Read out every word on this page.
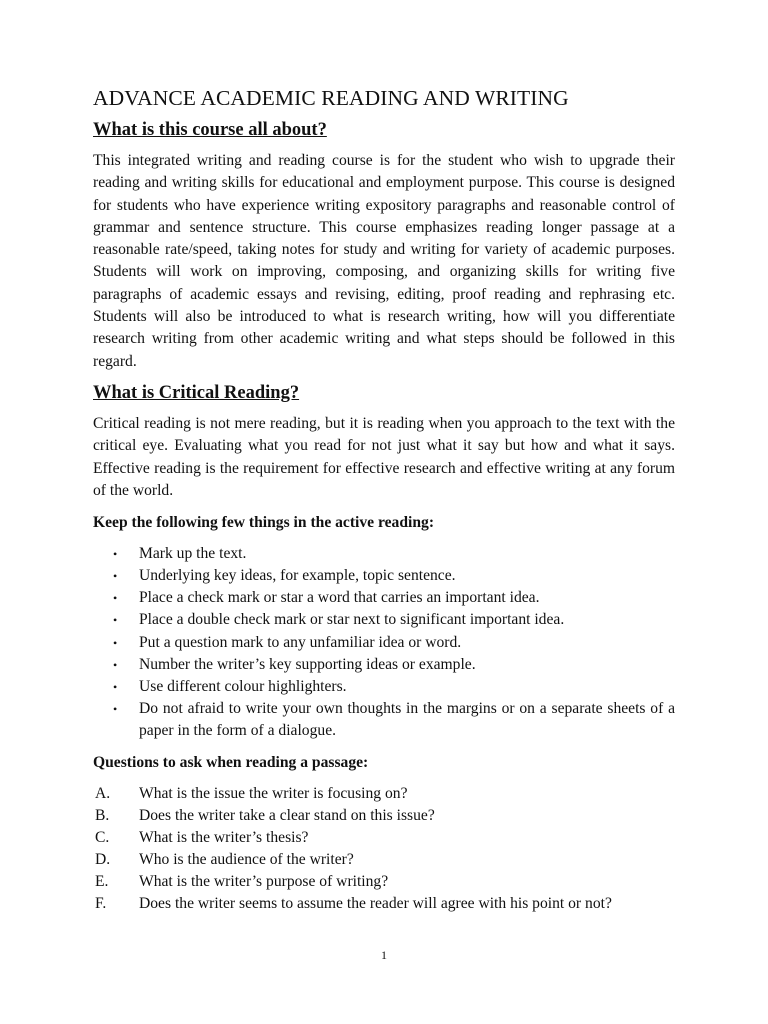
ADVANCE ACADEMIC READING AND WRITING
What is this course all about?

This integrated writing and reading course is for the student who wish to upgrade their reading and writing skills for educational and employment purpose. This course is designed for students who have experience writing expository paragraphs and reasonable control of grammar and sentence structure. This course emphasizes reading longer passage at a reasonable rate/speed, taking notes for study and writing for variety of academic purposes. Students will work on improving, composing, and organizing skills for writing five paragraphs of academic essays and revising, editing, proof reading and rephrasing etc. Students will also be introduced to what is research writing, how will you differentiate research writing from other academic writing and what steps should be followed in this regard.

What is Critical Reading?

Critical reading is not mere reading, but it is reading when you approach to the text with the critical eye. Evaluating what you read for not just what it say but how and what it says. Effective reading is the requirement for effective research and effective writing at any forum of the world.

Keep the following few things in the active reading:
• Mark up the text.
• Underlying key ideas, for example, topic sentence.
• Place a check mark or star a word that carries an important idea.
• Place a double check mark or star next to significant important idea.
• Put a question mark to any unfamiliar idea or word.
• Number the writer’s key supporting ideas or example.
• Use different colour highlighters.
• Do not afraid to write your own thoughts in the margins or on a separate sheets of a paper in the form of a dialogue.
Questions to ask when reading a passage:
A.	What is the issue the writer is focusing on?
B.	Does the writer take a clear stand on this issue?
C.	What is the writer’s thesis?
D.	Who is the audience of the writer?
E.	What is the writer’s purpose of writing?
F.	Does the writer seems to assume the reader will agree with his point or not?
1
